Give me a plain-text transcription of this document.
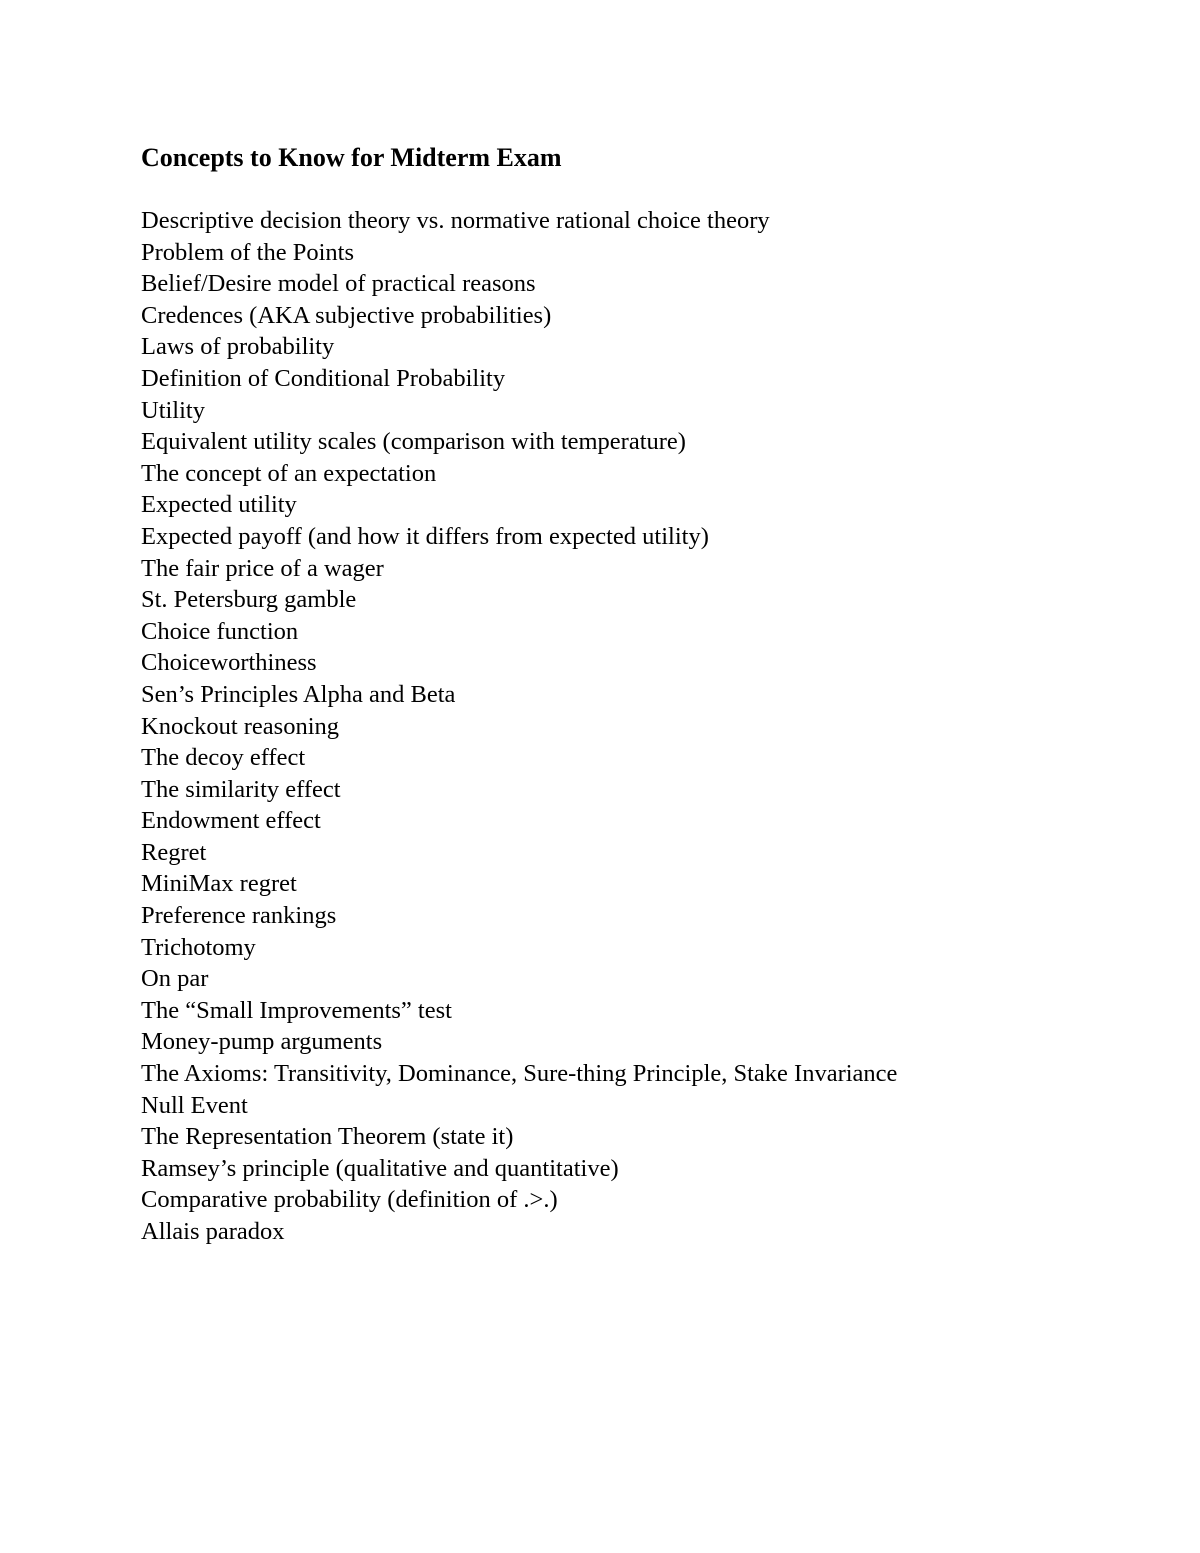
Concepts to Know for Midterm Exam
Descriptive decision theory vs. normative rational choice theory
Problem of the Points
Belief/Desire model of practical reasons
Credences (AKA subjective probabilities)
Laws of probability
Definition of Conditional Probability
Utility
Equivalent utility scales (comparison with temperature)
The concept of an expectation
Expected utility
Expected payoff (and how it differs from expected utility)
The fair price of a wager
St. Petersburg gamble
Choice function
Choiceworthiness
Sen’s Principles Alpha and Beta
Knockout reasoning
The decoy effect
The similarity effect
Endowment effect
Regret
MiniMax regret
Preference rankings
Trichotomy
On par
The “Small Improvements” test
Money-pump arguments
The Axioms: Transitivity, Dominance, Sure-thing Principle, Stake Invariance
Null Event
The Representation Theorem (state it)
Ramsey’s principle (qualitative and quantitative)
Comparative probability (definition of .>.)
Allais paradox
